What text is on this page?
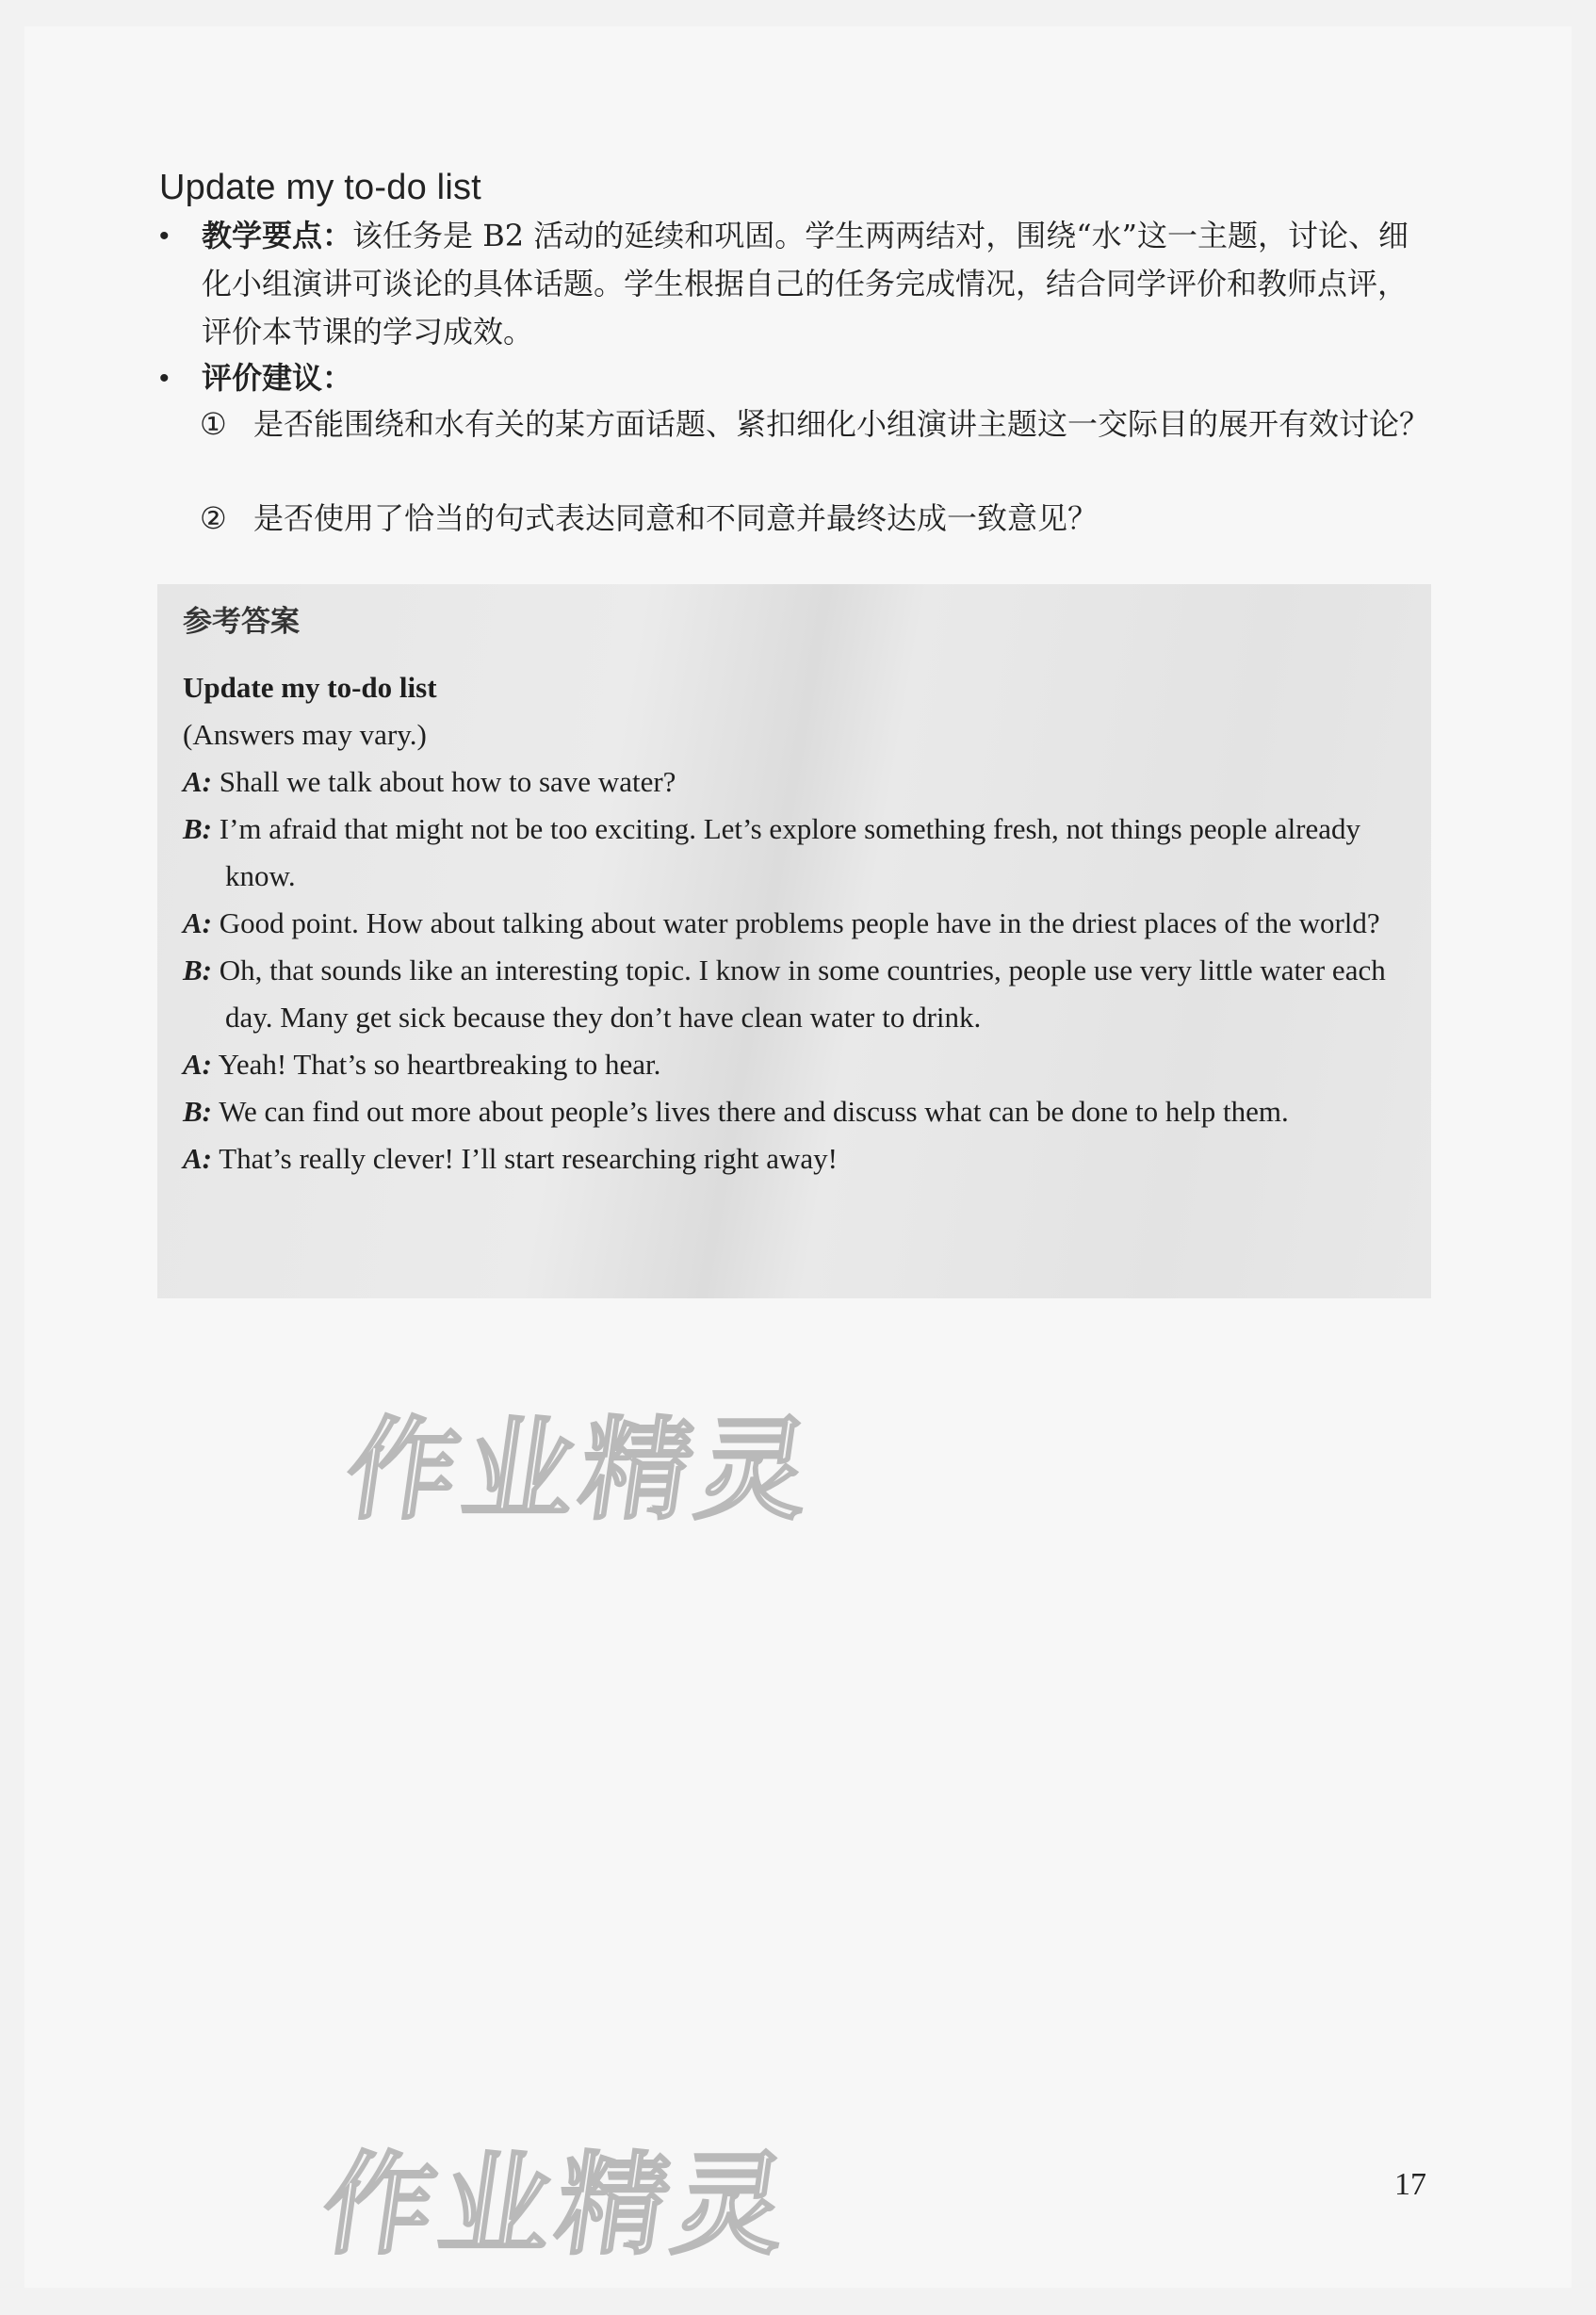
Update my to-do list
• 教学要点：该任务是 B2 活动的延续和巩固。学生两两结对，围绕“水”这一主题，讨论、细化小组演讲可谈论的具体话题。学生根据自己的任务完成情况，结合同学评价和教师点评，评价本节课的学习成效。
• 评价建议：
① 是否能围绕和水有关的某方面话题、紧扣细化小组演讲主题这一交际目的展开有效讨论？
② 是否使用了恰当的句式表达同意和不同意并最终达成一致意见？
参考答案
Update my to-do list
(Answers may vary.)
A: Shall we talk about how to save water?
B: I’m afraid that might not be too exciting. Let’s explore something fresh, not things people already know.
A: Good point. How about talking about water problems people have in the driest places of the world?
B: Oh, that sounds like an interesting topic. I know in some countries, people use very little water each day. Many get sick because they don’t have clean water to drink.
A: Yeah! That’s so heartbreaking to hear.
B: We can find out more about people’s lives there and discuss what can be done to help them.
A: That’s really clever! I’ll start researching right away!
作业精灵
作业精灵	17
